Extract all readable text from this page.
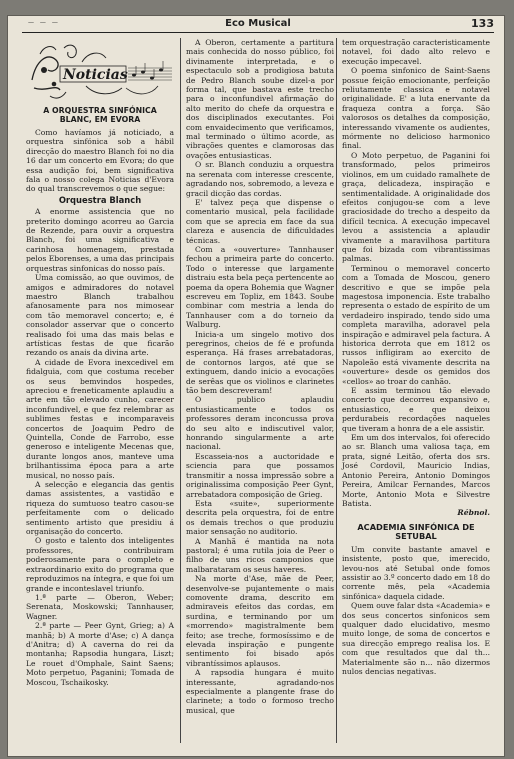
— — —	Eco Musical	133
Noticias
A ORQUESTRA SINFÓNICA BLANC, EM EVORA

Como havíamos já noticiado, a orquestra sinfónica sob a hábil direcção do maestro Blanch foi no dia 16 dar um concerto em Evora; do que essa audição foi, bem significativa fala o nosso colega Noticias d'Evora do qual transcrevemos o que segue:

Orquestra Blanch

A enorme assistencia que no preterito domingo acorreu ao Garcia de Rezende, para ouvir a orquestra Blanch, foi uma significativa e carinhosa homenagem, prestada pelos Eborenses, a uma das principais orquestras sinfonicas do nosso país.

Uma comissão, ao que ouvimos, de amigos e admiradores do notavel maestro Blanch trabalhou afanosamente para nos mimosear com tão memoravel concerto; e, é consolador asservar que o concerto realisado foi uma das mais belas e artísticas festas de que ficarão rezando os anais da divina arte.

A cidade de Evora inexcedivel em fidalguia, com que costuma receber os seus bemvindos hospedes, apreciou e freneticamente aplaudiu a arte em tão elevado cunho, carecer inconfundivel, e que fez relembrar as sublimes festas e incomparaveis concertos de Joaquim Pedro de Quintella, Conde de Farrobo, esse generoso e inteligente Mecenas que, durante longos anos, manteve uma brilhantissima época para a arte musical, no nosso país.

A selecção e elegancia das gentis damas assistentes, a vastidão e riqueza do sumtuoso teatro casou-se perfeitamente com o delicado sentimento artisto que presidiu á organisação do concerto.

O gosto e talento dos inteligentes professores, contribuiram poderosamente para o completo e extraordinario exito do programa que reproduzimos na íntegra, e que foi um grande e inconteslavel triunfo.

1.ª parte — Oberon, Weber; Serenata, Moskowski; Tannhauser, Wagner.

2.ª parte — Peer Gynt, Grieg; a) A manhã; b) A morte d'Ase; c) A dança d'Anitra; d) A caverna do rei da montanha; Rapsodia hungara, Liszt; Le rouet d'Omphale, Saint Saens; Moto perpetuo, Paganini; Tomada de Moscou, Tschaikosky.

A Oberon, certamente a partitura mais conhecida do nosso público, foi divinamente interpretada, e o espectaculo sob a prodigiosa batuta de Pedro Blanch soube dizel-a por forma tal, que bastava este trecho para o inconfundivel afirmação do alto merito do chefe da orquestra e dos disciplinados executantes. Foi com envaidecimento que verificamos, mal terminado o último acorde, as vibrações quentes e clamorosas das ovações entusiasticas.

O sr. Blanch conduziu a orquestra na serenata com interesse crescente, agradando nos, sobremodo, a leveza e gracil dicção das cordas.

E' talvez peça que dispense o comentario musical, pela facilidade com que se aprecia em face da sua clareza e ausencia de dificuldades técnicas.

Com a «ouverture» Tannhauser fechou a primeira parte do concerto. Todo o interesse que largamente distraiu esta bela peça pertencente ao poema da opera Bohemia que Wagner escreveu em Topliz, em 1843. Soube combinar com mestria a lenda do Tannhauser com a do torneio da Walburg.

Inicia-a um singelo motivo dos peregrinos, cheios de fé e profunda esperança. Há frases arrebatadoras, de contornos largos, até que se extinguem, dando inicio a evocações de serêas que os violinos e clarinetes tão bem descreveram!

O publico aplaudiu entusiasticamente e todos os professores deram inconcussa prova do seu alto e indiscutivel valor, honrando singularmente a arte nacional.

Escasseia-nos a auctoridade e sciencia para que possamos transmitir a nossa impressão sobre a originalissima composição Peer Gynt, arrebatadora composição de Grieg.

Esta «suite», superiormente descrita pela orquestra, foi de entre os demais trechos o que produziu maior sensação no auditorio.

A Manhã é mantida na nota pastoral; é uma rutila joia de Peer o filho de uns ricos camponios que malbarataram os seus haveres.

Na morte d'Ase, mãe de Peer, desenvolve-se pujantemente o mais comovente drama, descrito em admiraveis efeitos das cordas, em surdina, e terminando por um «morrendo» magistralmente bem feito; ase treche, formosíssimo e de elevada inspiração e pungente sentimento foi bisado após vibrantíssimos aplausos.

A rapsodia hungara é muito interessante, agradando-nos especialmente a plangente frase do clarinete; a todo o formoso trecho musical, que

tem orquestração caracteristicamente notavel, foi dado alto relevo e execução impecavel.

O poema sinfonico de Saint-Saens possue feição emocionante, perfeição reliutamente classica e notavel originalidade. E' a luta enervante da fraqueza contra a força. São valorosos os detalhes da composição, interessando vivamente os audientes, mórmente no delicioso harmonico final.

O Moto perpetuo, de Paganini foi transformado, pelos primeiros violinos, em um cuidado ramalhete de graça, delicadeza, inspiração e sentimentalidade. A originalidade dos efeitos conjugou-se com a leve graciosidade do trecho a despeito da difícil tecnica. A execução impecavel levou a assistencia a aplaudir vivamente a maravilhosa partitura que foi bizada com vibrantissimas palmas.

Terminou o memoravel concerto com a Tomada de Moscou, genero descritivo e que se impõe pela magestosa imponencia. Este trabalho representa o estado de espírito de um verdadeiro inspirado, tendo sido uma completa maravilha, adoravel pela inspiração e admiravel pela factura. A historica derrota que em 1812 os russos infligiram ao exercito de Napoleão está vivamente descrita na «ouverture» desde os gemidos dos «cellos» ao troar do canhão.

E assim terminou tão elevado concerto que decorreu expansivo e, entusiastico, e que deixou perdurabeis recordações naqueles que tiveram a honra de a ele assistir.

Em um dos intervalos, foi oferecido ao sr. Blanch uma valiosa taça, em prata, signé Leitão, oferta dos srs. José Cordovil, Mauricio Indias, Antonio Pereira, Antonio Domingos Pereira, Amilcar Fernandes, Marcos Morte, Antonio Mota e Silvestre Batista.

Rébnol.

ACADEMIA SINFÓNICA DE SETUBAL

Um convite bastante amavel e insistente, posto que, imerecido, levou-nos até Setubal onde fomos assistir ao 3.º concerto dado em 18 do corrente mês, pela «Academia sinfónica» daquela cidade.

Quem ouve falar dsta «Academia» e dos seus concertos sinfonicos sem qualquer dado elucidativo, mesmo muito longe, de soma de concertos e sua direcção emprego realisa los. E com que resultados que dal th... Materialmente são n... não dizermos nulos dencias negativas.
